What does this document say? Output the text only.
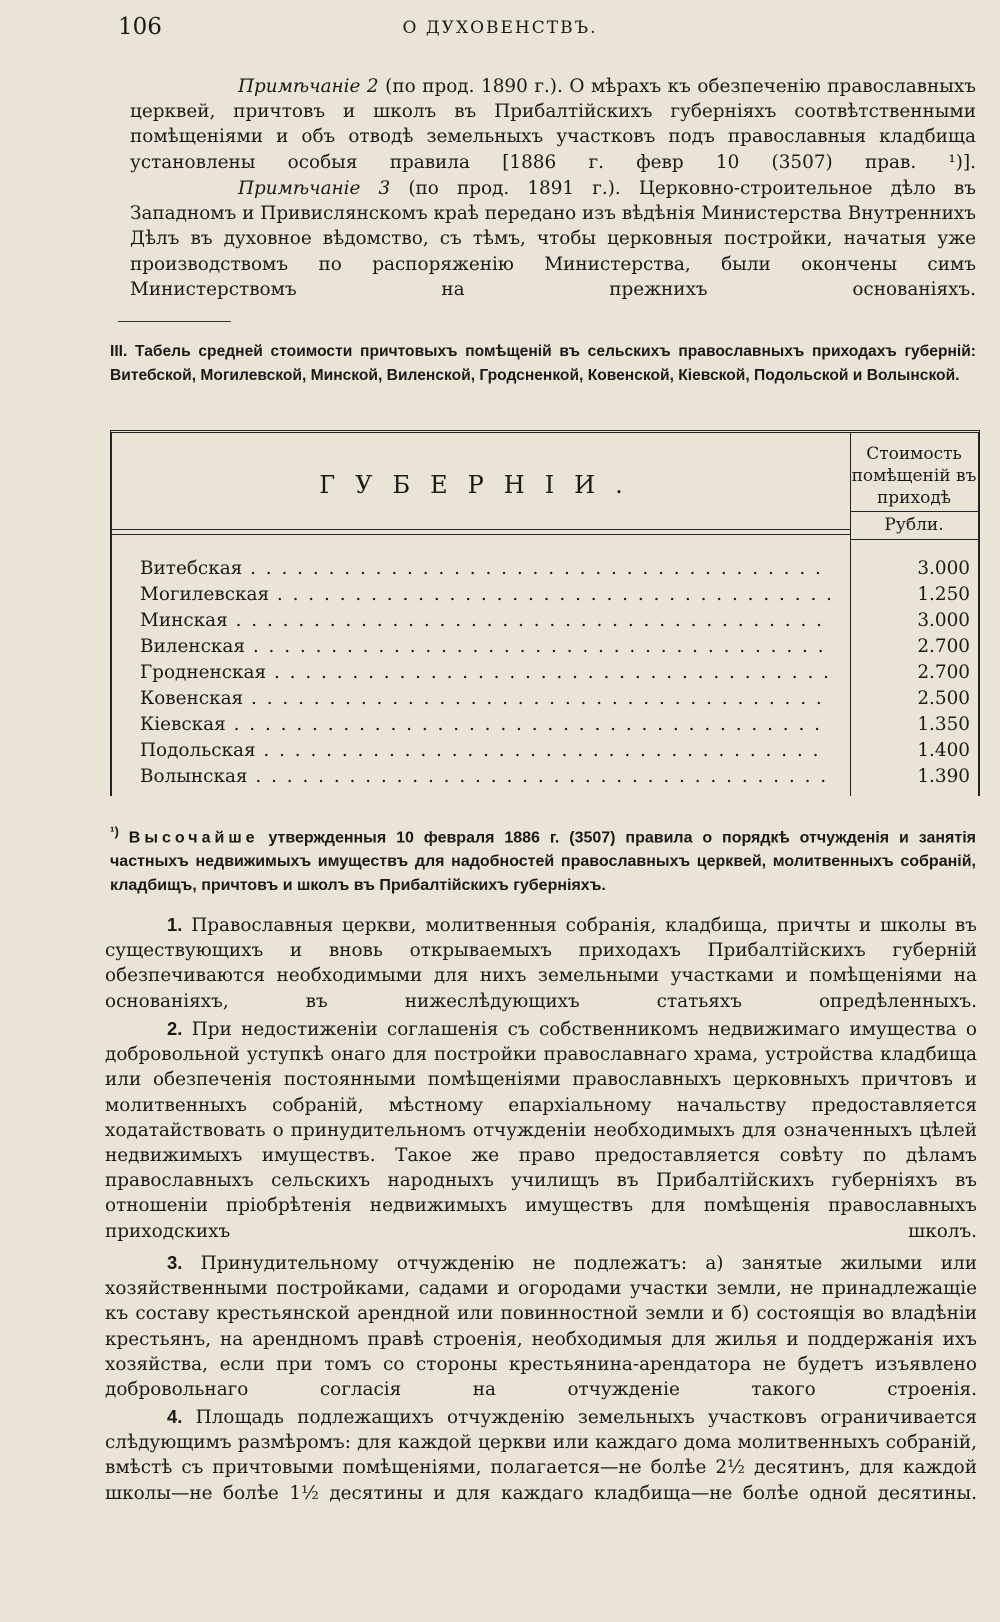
106	О ДУХОВЕНСТВЪ.

Примѣчаніе 2 (по прод. 1890 г.). О мѣрахъ къ обезпеченію православныхъ церквей, причтовъ и школъ въ Прибалтійскихъ губерніяхъ соотвѣтственными помѣщеніями и объ отводѣ земельныхъ участковъ подъ православныя кладбища установлены особыя правила [1886 г. февр 10 (3507) прав. ¹)].

Примѣчаніе 3 (по прод. 1891 г.). Церковно-строительное дѣло въ Западномъ и Привислянскомъ краѣ передано изъ вѣдѣнія Министерства Внутреннихъ Дѣлъ въ духовное вѣдомство, съ тѣмъ, чтобы церковныя постройки, начатыя уже производствомъ по распоряженію Министерства, были окончены симъ Министерствомъ на прежнихъ основаніяхъ.

III. Табель средней стоимости причтовыхъ помѣщеній въ сельскихъ православныхъ приходахъ губерній: Витебской, Могилевской, Минской, Виленской, Гродсненкой, Ковенской, Кіевской, Подольской и Волынской.

ГУБЕРНІИ.
Стоимость помѣщеній въ приходѣ
Рубли.
Витебская . . .	3.000
Могилевская . . .	1.250
Минская . . .	3.000
Виленская . . .	2.700
Гродненская . . .	2.700
Ковенская . . .	2.500
Кіевская . . .	1.350
Подольская . . .	1.400
Волынская . . .	1.390

$^{^1)}$ Высочайше утвержденныя 10 февраля 1886 г. (3507) правила о порядкѣ отчужденія и занятія частныхъ недвижимыхъ имуществъ для надобностей православныхъ церквей, молитвенныхъ собраній, кладбищъ, причтовъ и школъ въ Прибалтійскихъ губерніяхъ.

1. Православныя церкви, молитвенныя собранія, кладбища, причты и школы въ существующихъ и вновь открываемыхъ приходахъ Прибалтійскихъ губерній обезпечиваются необходимыми для нихъ земельными участками и помѣщеніями на основаніяхъ, въ нижеслѣдующихъ статьяхъ опредѣленныхъ.

2. При недостиженіи соглашенія съ собственникомъ недвижимаго имущества о добровольной уступкѣ онаго для постройки православнаго храма, устройства кладбища или обезпеченія постоянными помѣщеніями православныхъ церковныхъ причтовъ и молитвенныхъ собраній, мѣстному епархіальному начальству предоставляется ходатайствовать о принудительномъ отчужденіи необходимыхъ для означенныхъ цѣлей недвижимыхъ имуществъ. Такое же право предоставляется совѣту по дѣламъ православныхъ сельскихъ народныхъ училищъ въ Прибалтійскихъ губерніяхъ въ отношеніи пріобрѣтенія недвижимыхъ имуществъ для помѣщенія православныхъ приходскихъ школъ.

3. Принудительному отчужденію не подлежатъ: а) занятые жилыми или хозяйственными постройками, садами и огородами участки земли, не принадлежащіе къ составу крестьянской арендной или повинностной земли и б) состоящія во владѣніи крестьянъ, на арендномъ правѣ строенія, необходимыя для жилья и поддержанія ихъ хозяйства, если при томъ со стороны крестьянина-арендатора не будетъ изъявлено добровольнаго согласія на отчужденіе такого строенія.

4. Площадь подлежащихъ отчужденію земельныхъ участковъ ограничивается слѣдующимъ размѣромъ: для каждой церкви или каждаго дома молитвенныхъ собраній, вмѣстѣ съ причтовыми помѣщеніями, полагается—не болѣе 2½ десятинъ, для каждой школы—не болѣе 1½ десятины и для каждаго кладбища—не болѣе одной десятины.
